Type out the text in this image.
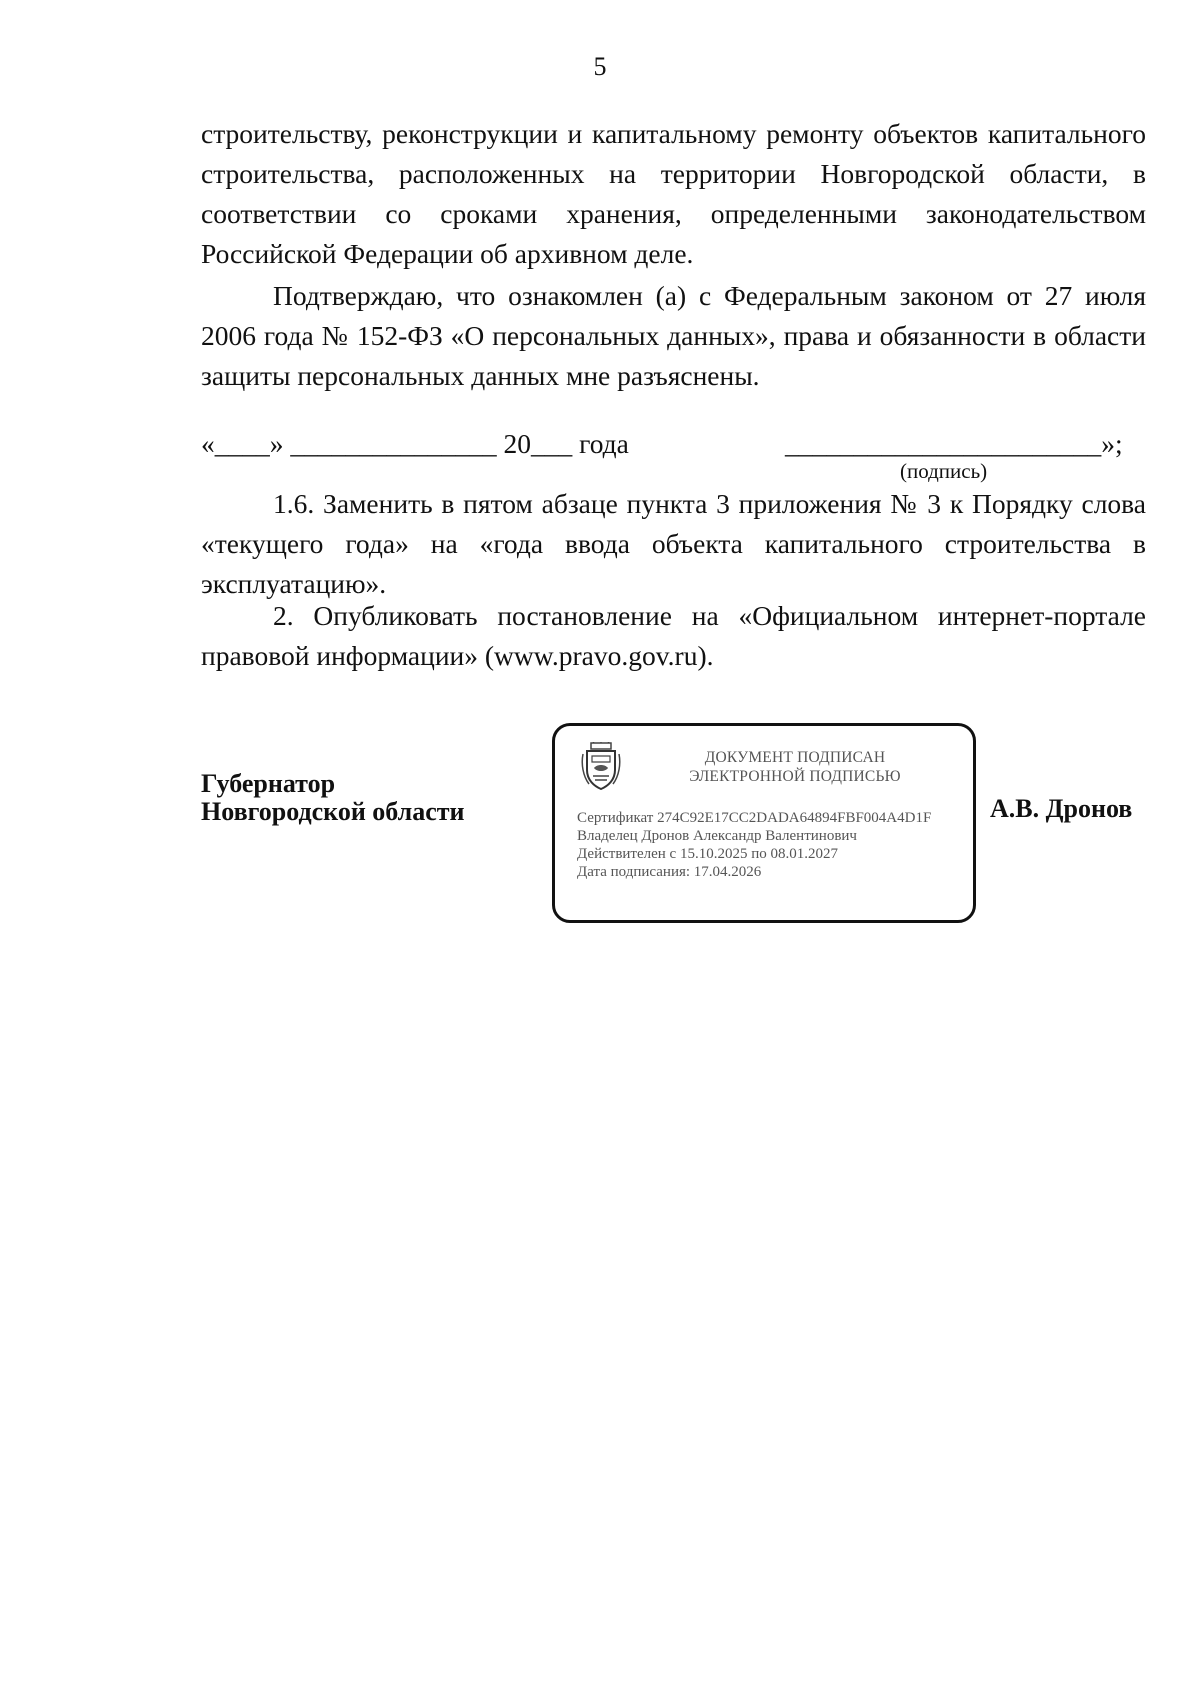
5

строительству, реконструкции и капитальному ремонту объектов капитального строительства, расположенных на территории Новгородской области, в соответствии со сроками хранения, определенными законодательством Российской Федерации об архивном деле.

Подтверждаю, что ознакомлен (а) с Федеральным законом от 27 июля 2006 года № 152-ФЗ «О персональных данных», права и обязанности в области защиты персональных данных мне разъяснены.

«____» _______________ 20___ года	_______________________»;
(подпись)

1.6. Заменить в пятом абзаце пункта 3 приложения № 3 к Порядку слова «текущего года» на «года ввода объекта капитального строительства в эксплуатацию».

2. Опубликовать постановление на «Официальном интернет-портале правовой информации» (www.pravo.gov.ru).

Губернатор
Новгородской области
ДОКУМЕНТ ПОДПИСАН
ЭЛЕКТРОННОЙ ПОДПИСЬЮ
Сертификат 274C92E17CC2DADA64894FBF004A4D1F
Владелец Дронов Александр Валентинович
Действителен с 15.10.2025 по 08.01.2027
Дата подписания: 17.04.2026
А.В. Дронов
